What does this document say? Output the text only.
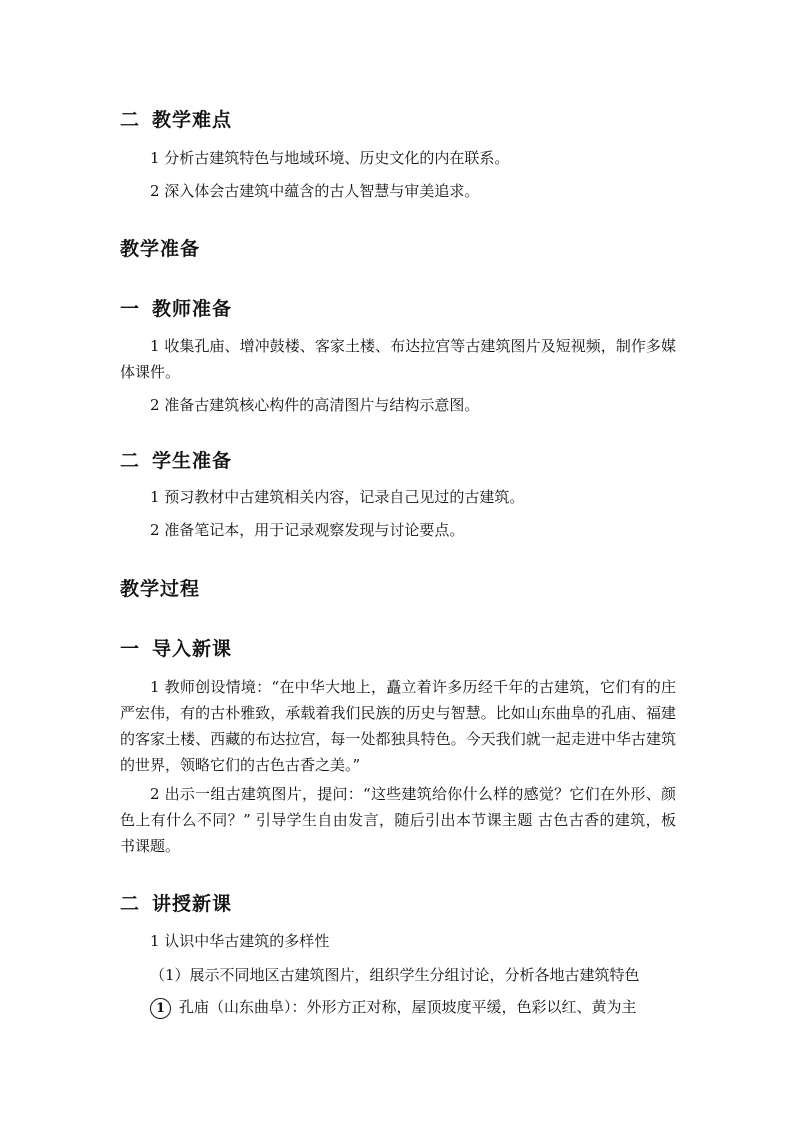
二 教学难点
1 分析古建筑特色与地域环境、历史文化的内在联系。
2 深入体会古建筑中蕴含的古人智慧与审美追求。
教学准备
一 教师准备
1 收集孔庙、增冲鼓楼、客家土楼、布达拉宫等古建筑图片及短视频，制作多媒体课件。
2 准备古建筑核心构件的高清图片与结构示意图。
二 学生准备
1 预习教材中古建筑相关内容，记录自己见过的古建筑。
2 准备笔记本，用于记录观察发现与讨论要点。
教学过程
一 导入新课
1 教师创设情境：“在中华大地上，矗立着许多历经千年的古建筑，它们有的庄严宏伟，有的古朴雅致，承载着我们民族的历史与智慧。比如山东曲阜的孔庙、福建的客家土楼、西藏的布达拉宫，每一处都独具特色。今天我们就一起走进中华古建筑的世界，领略它们的古色古香之美。”
2 出示一组古建筑图片，提问：“这些建筑给你什么样的感觉？它们在外形、颜色上有什么不同？” 引导学生自由发言，随后引出本节课主题 古色古香的建筑，板书课题。
二 讲授新课
1 认识中华古建筑的多样性
（1）展示不同地区古建筑图片，组织学生分组讨论，分析各地古建筑特色
1 孔庙（山东曲阜）：外形方正对称，屋顶坡度平缓，色彩以红、黄为主
